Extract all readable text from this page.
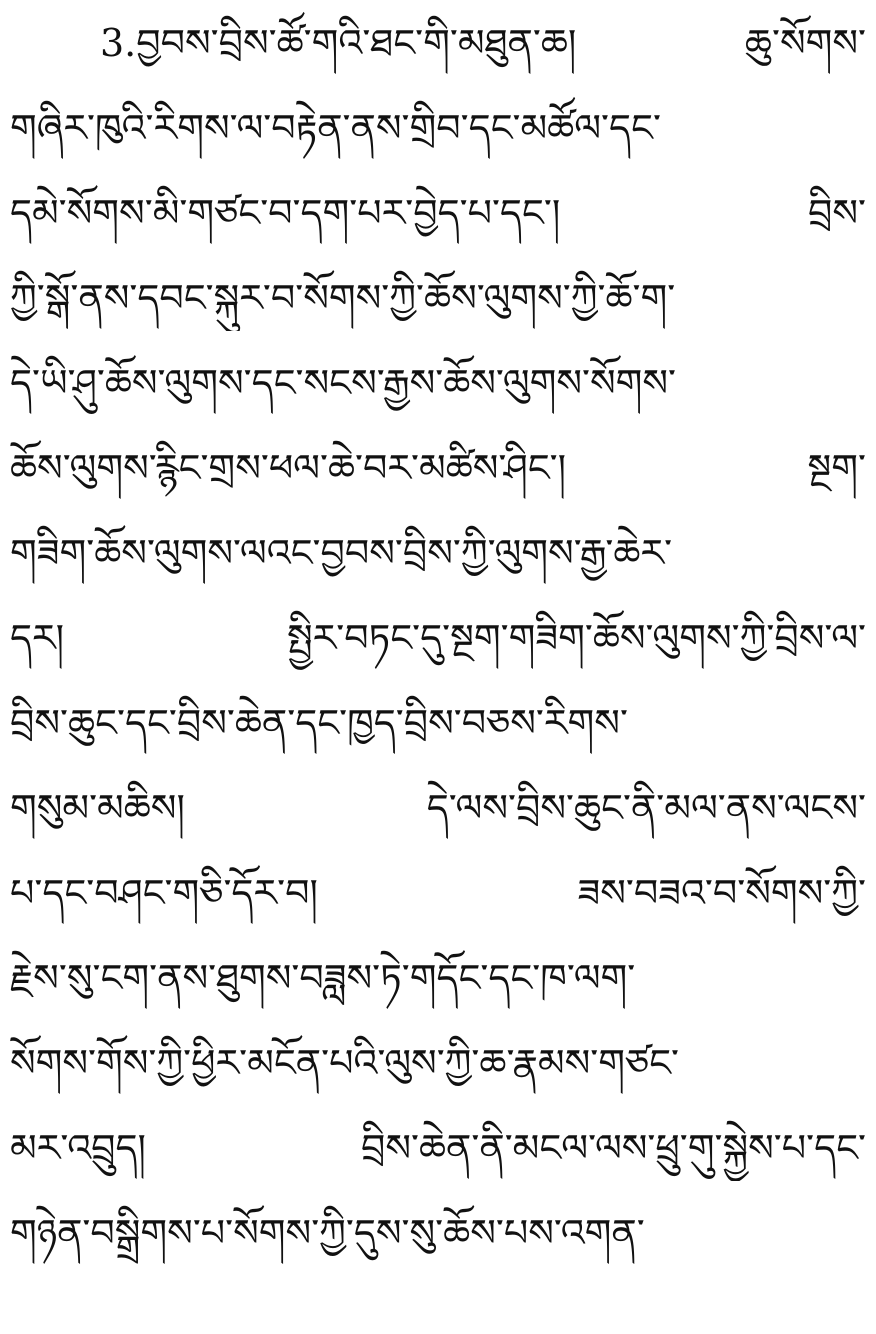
3.བྱབས་བྲིས་ཚོ་གའི་ཐང་གི་མཐུན་ཆ། ཆུ་སོགས་
གཞིར་ཁུའི་རིགས་ལ་བརྟེན་ནས་གྲིབ་དང་མཚོལ་དང་
དམེ་སོགས་མི་གཙང་བ་དག་པར་བྱེད་པ་དང་། བྲིས་
ཀྱི་སྒོ་ནས་དབང་སྐུར་བ་སོགས་ཀྱི་ཆོས་ལུགས་ཀྱི་ཆོ་ག་
དེ་ཡི་ཤུ་ཆོས་ལུགས་དང་སངས་རྒྱས་ཆོས་ལུགས་སོགས་
ཆོས་ལུགས་རྙིང་གྲས་ཕལ་ཆེ་བར་མཚིས་ཤིང་། སྔག་
གཟིག་ཆོས་ལུགས་ལའང་བྱབས་བྲིས་ཀྱི་ལུགས་རྒྱ་ཆེར་
དར། སྤྱིར་བཏང་དུ་སྔག་གཟིག་ཆོས་ལུགས་ཀྱི་བྲིས་ལ་
བྲིས་ཆུང་དང་བྲིས་ཆེན་དང་ཁྱད་བྲིས་བཅས་རིགས་
གསུམ་མཆིས། དེ་ལས་བྲིས་ཆུང་ནི་མལ་ནས་ལངས་
པ་དང་བཤང་གཅི་དོར་བ། ཟས་བཟའ་བ་སོགས་ཀྱི་
རྗེས་སུ་ངག་ནས་ཐུགས་བཟླས་ཏེ་གདོང་དང་ཁ་ལག་
སོགས་གོས་ཀྱི་ཕྱིར་མངོན་པའི་ལུས་ཀྱི་ཆ་རྣམས་གཙང་
མར་འབྲུད། བྲིས་ཆེན་ནི་མངལ་ལས་ཕྲུ་གུ་སྐྱེས་པ་དང་
གཉེན་བསྒྲིགས་པ་སོགས་ཀྱི་དུས་སུ་ཆོས་པས་འགན་
